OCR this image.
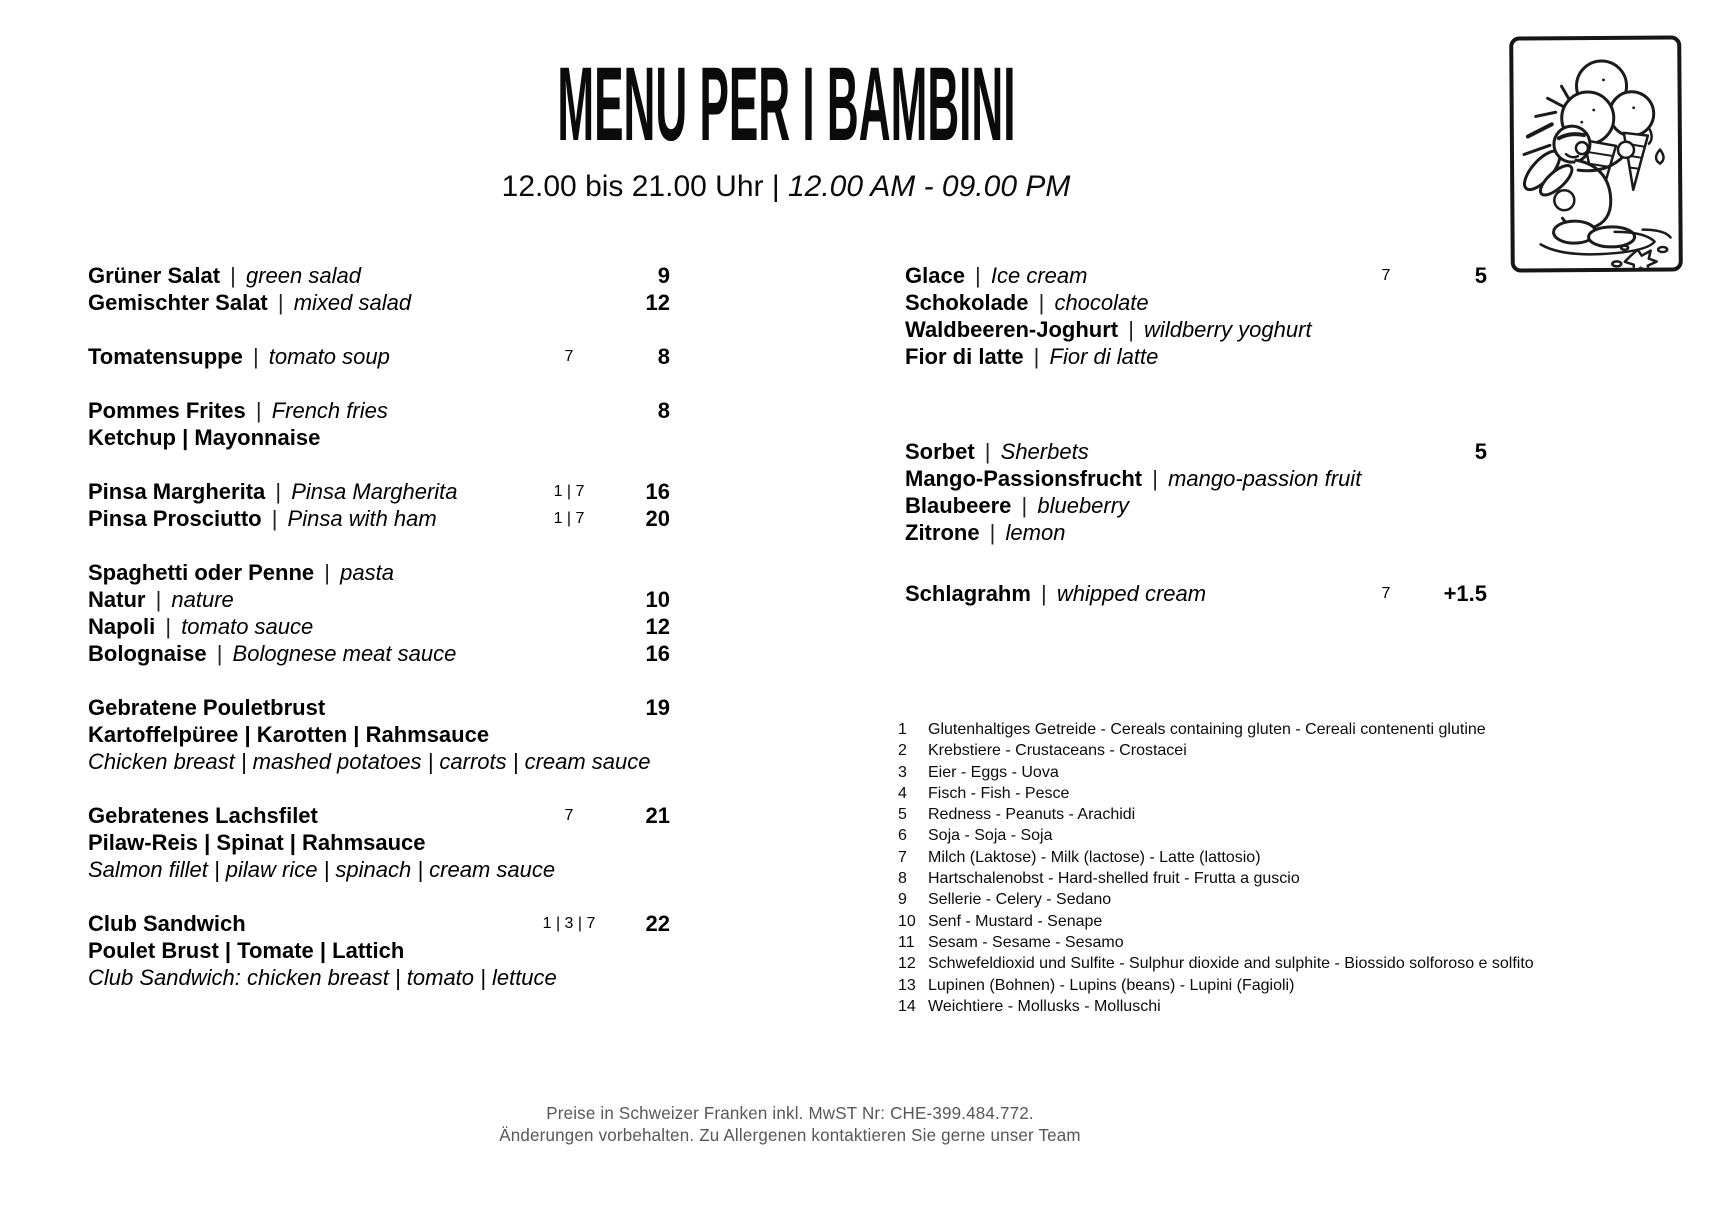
MENU PER I BAMBINI
12.00 bis 21.00 Uhr | 12.00 AM - 09.00 PM
Grüner Salat | green salad	9
Gemischter Salat | mixed salad	12
Tomatensuppe | tomato soup	7	8
Pommes Frites | French fries	8
Ketchup | Mayonnaise
Pinsa Margherita | Pinsa Margherita	1 | 7	16
Pinsa Prosciutto | Pinsa with ham	1 | 7	20
Spaghetti oder Penne | pasta
Natur | nature	10
Napoli | tomato sauce	12
Bolognaise | Bolognese meat sauce	16
Gebratene Pouletbrust	19
Kartoffelpüree | Karotten | Rahmsauce
Chicken breast | mashed potatoes | carrots | cream sauce
Gebratenes Lachsfilet	7	21
Pilaw-Reis | Spinat | Rahmsauce
Salmon fillet | pilaw rice | spinach | cream sauce
Club Sandwich	1 | 3 | 7	22
Poulet Brust | Tomate | Lattich
Club Sandwich: chicken breast | tomato | lettuce
Glace | Ice cream	7	5
Schokolade | chocolate
Waldbeeren-Joghurt | wildberry yoghurt
Fior di latte | Fior di latte
Sorbet | Sherbets	5
Mango-Passionsfrucht | mango-passion fruit
Blaubeere | blueberry
Zitrone | lemon
Schlagrahm | whipped cream	7	+1.5
1 Glutenhaltiges Getreide - Cereals containing gluten - Cereali contenenti glutine
2 Krebstiere - Crustaceans - Crostacei
3 Eier - Eggs - Uova
4 Fisch - Fish - Pesce
5 Redness - Peanuts - Arachidi
6 Soja - Soja - Soja
7 Milch (Laktose) - Milk (lactose) - Latte (lattosio)
8 Hartschalenobst - Hard-shelled fruit - Frutta a guscio
9 Sellerie - Celery - Sedano
10 Senf - Mustard - Senape
11 Sesam - Sesame - Sesamo
12 Schwefeldioxid und Sulfite - Sulphur dioxide and sulphite - Biossido solforoso e solfito
13 Lupinen (Bohnen) - Lupins (beans) - Lupini (Fagioli)
14 Weichtiere - Mollusks - Molluschi
Preise in Schweizer Franken inkl. MwST Nr: CHE-399.484.772.
Änderungen vorbehalten. Zu Allergenen kontaktieren Sie gerne unser Team
